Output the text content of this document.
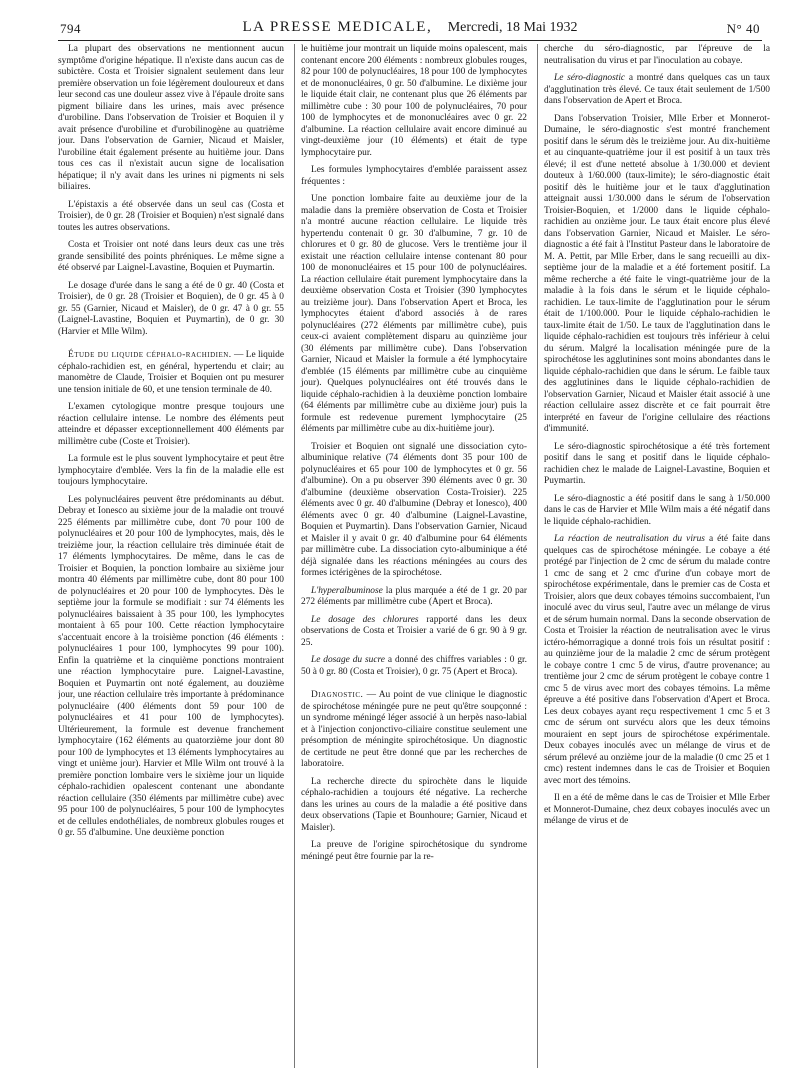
794	LA PRESSE MEDICALE, Mercredi, 18 Mai 1932	N° 40

La plupart des observations ne mentionnent aucun symptôme d'origine hépatique. Il n'existe dans aucun cas de subictère. Costa et Troisier signalent seulement dans leur première observation un foie légèrement douloureux et dans leur second cas une douleur assez vive à l'épaule droite sans pigment biliaire dans les urines, mais avec présence d'urobiline. Dans l'observation de Troisier et Boquien il y avait présence d'urobiline et d'urobilinogène au quatrième jour. Dans l'observation de Garnier, Nicaud et Maisler, l'urobiline était également présente au huitième jour. Dans tous ces cas il n'existait aucun signe de localisation hépatique; il n'y avait dans les urines ni pigments ni sels biliaires.

L'épistaxis a été observée dans un seul cas (Costa et Troisier), de 0 gr. 28 (Troisier et Boquien) n'est signalé dans toutes les autres observations.

Costa et Troisier ont noté dans leurs deux cas une très grande sensibilité des points phréniques. Le même signe a été observé par Laignel-Lavastine, Boquien et Puymartin.

Le dosage d'urée dans le sang a été de 0 gr. 40 (Costa et Troisier), de 0 gr. 28 (Troisier et Boquien), de 0 gr. 45 à 0 gr. 55 (Garnier, Nicaud et Maisler), de 0 gr. 47 à 0 gr. 55 (Laignel-Lavastine, Boquien et Puymartin), de 0 gr. 30 (Harvier et Mlle Wilm).

Étude du liquide céphalo-rachidien. — Le liquide céphalo-rachidien est, en général, hypertendu et clair; au manomètre de Claude, Troisier et Boquien ont pu mesurer une tension initiale de 60, et une tension terminale de 40.

L'examen cytologique montre presque toujours une réaction cellulaire intense. Le nombre des éléments peut atteindre et dépasser exceptionnellement 400 éléments par millimètre cube (Coste et Troisier).

La formule est le plus souvent lymphocytaire et peut être lymphocytaire d'emblée. Vers la fin de la maladie elle est toujours lymphocytaire.

Les polynucléaires peuvent être prédominants au début. Debray et Ionesco au sixième jour de la maladie ont trouvé 225 éléments par millimètre cube, dont 70 pour 100 de polynucléaires et 20 pour 100 de lymphocytes, mais, dès le treizième jour, la réaction cellulaire très diminuée était de 17 éléments lymphocytaires. De même, dans le cas de Troisier et Boquien, la ponction lombaire au sixième jour montra 40 éléments par millimètre cube, dont 80 pour 100 de polynucléaires et 20 pour 100 de lymphocytes. Dès le septième jour la formule se modifiait : sur 74 éléments les polynucléaires baissaient à 35 pour 100, les lymphocytes montaient à 65 pour 100. Cette réaction lymphocytaire s'accentuait encore à la troisième ponction (46 éléments : polynucléaires 1 pour 100, lymphocytes 99 pour 100). Enfin la quatrième et la cinquième ponctions montraient une réaction lymphocytaire pure. Laignel-Lavastine, Boquien et Puymartin ont noté également, au douzième jour, une réaction cellulaire très importante à prédominance polynucléaire (400 éléments dont 59 pour 100 de polynucléaires et 41 pour 100 de lymphocytes). Ultérieurement, la formule est devenue franchement lymphocytaire (162 éléments au quatorzième jour dont 80 pour 100 de lymphocytes et 13 éléments lymphocytaires au vingt et unième jour). Harvier et Mlle Wilm ont trouvé à la première ponction lombaire vers le sixième jour un liquide céphalo-rachidien opalescent contenant une abondante réaction cellulaire (350 éléments par millimètre cube) avec 95 pour 100 de polynucléaires, 5 pour 100 de lymphocytes et de cellules endothéliales, de nombreux globules rouges et 0 gr. 55 d'albumine. Une deuxième ponction

le huitième jour montrait un liquide moins opalescent, mais contenant encore 200 éléments : nombreux globules rouges, 82 pour 100 de polynucléaires, 18 pour 100 de lymphocytes et de mononucléaires, 0 gr. 50 d'albumine. Le dixième jour le liquide était clair, ne contenant plus que 26 éléments par millimètre cube : 30 pour 100 de polynucléaires, 70 pour 100 de lymphocytes et de mononucléaires avec 0 gr. 22 d'albumine. La réaction cellulaire avait encore diminué au vingt-deuxième jour (10 éléments) et était de type lymphocytaire pur.

Les formules lymphocytaires d'emblée paraissent assez fréquentes :

Une ponction lombaire faite au deuxième jour de la maladie dans la première observation de Costa et Troisier n'a montré aucune réaction cellulaire. Le liquide très hypertendu contenait 0 gr. 30 d'albumine, 7 gr. 10 de chlorures et 0 gr. 80 de glucose. Vers le trentième jour il existait une réaction cellulaire intense contenant 80 pour 100 de mononucléaires et 15 pour 100 de polynucléaires. La réaction cellulaire était purement lymphocytaire dans la deuxième observation Costa et Troisier (390 lymphocytes au treizième jour). Dans l'observation Apert et Broca, les lymphocytes étaient d'abord associés à de rares polynucléaires (272 éléments par millimètre cube), puis ceux-ci avaient complètement disparu au quinzième jour (30 éléments par millimètre cube). Dans l'observation Garnier, Nicaud et Maisler la formule a été lymphocytaire d'emblée (15 éléments par millimètre cube au cinquième jour). Quelques polynucléaires ont été trouvés dans le liquide céphalo-rachidien à la deuxième ponction lombaire (64 éléments par millimètre cube au dixième jour) puis la formule est redevenue purement lymphocytaire (25 éléments par millimètre cube au dix-huitième jour).

Troisier et Boquien ont signalé une dissociation cyto-albuminique relative (74 éléments dont 35 pour 100 de polynucléaires et 65 pour 100 de lymphocytes et 0 gr. 56 d'albumine). On a pu observer 390 éléments avec 0 gr. 30 d'albumine (deuxième observation Costa-Troisier). 225 éléments avec 0 gr. 40 d'albumine (Debray et Ionesco), 400 éléments avec 0 gr. 40 d'albumine (Laignel-Lavastine, Boquien et Puymartin). Dans l'observation Garnier, Nicaud et Maisler il y avait 0 gr. 40 d'albumine pour 64 éléments par millimètre cube. La dissociation cyto-albuminique a été déjà signalée dans les réactions méningées au cours des formes ictérigènes de la spirochétose.

L'hyperalbuminose la plus marquée a été de 1 gr. 20 par 272 éléments par millimètre cube (Apert et Broca).

Le dosage des chlorures rapporté dans les deux observations de Costa et Troisier a varié de 6 gr. 90 à 9 gr. 25.

Le dosage du sucre a donné des chiffres variables : 0 gr. 50 à 0 gr. 80 (Costa et Troisier), 0 gr. 75 (Apert et Broca).

Diagnostic. — Au point de vue clinique le diagnostic de spirochétose méningée pure ne peut qu'être soupçonné : un syndrome méningé léger associé à un herpès naso-labial et à l'injection conjonctivo-ciliaire constitue seulement une présomption de méningite spirochétosique. Un diagnostic de certitude ne peut être donné que par les recherches de laboratoire.

La recherche directe du spirochète dans le liquide céphalo-rachidien a toujours été négative. La recherche dans les urines au cours de la maladie a été positive dans deux observations (Tapie et Bounhoure; Garnier, Nicaud et Maisler).

La preuve de l'origine spirochétosique du syndrome méningé peut être fournie par la re-

cherche du séro-diagnostic, par l'épreuve de la neutralisation du virus et par l'inoculation au cobaye.

Le séro-diagnostic a montré dans quelques cas un taux d'agglutination très élevé. Ce taux était seulement de 1/500 dans l'observation de Apert et Broca.

Dans l'observation Troisier, Mlle Erber et Monnerot-Dumaine, le séro-diagnostic s'est montré franchement positif dans le sérum dès le treizième jour. Au dix-huitième et au cinquante-quatrième jour il est positif à un taux très élevé; il est d'une netteté absolue à 1/30.000 et devient douteux à 1/60.000 (taux-limite); le séro-diagnostic était positif dès le huitième jour et le taux d'agglutination atteignait aussi 1/30.000 dans le sérum de l'observation Troisier-Boquien, et 1/2000 dans le liquide céphalo-rachidien au onzième jour. Le taux était encore plus élevé dans l'observation Garnier, Nicaud et Maisler. Le séro-diagnostic a été fait à l'Institut Pasteur dans le laboratoire de M. A. Pettit, par Mlle Erber, dans le sang recueilli au dix-septième jour de la maladie et a été fortement positif. La même recherche a été faite le vingt-quatrième jour de la maladie à la fois dans le sérum et le liquide céphalo-rachidien. Le taux-limite de l'agglutination pour le sérum était de 1/100.000. Pour le liquide céphalo-rachidien le taux-limite était de 1/50. Le taux de l'agglutination dans le liquide céphalo-rachidien est toujours très inférieur à celui du sérum. Malgré la localisation méningée pure de la spirochétose les agglutinines sont moins abondantes dans le liquide céphalo-rachidien que dans le sérum. Le faible taux des agglutinines dans le liquide céphalo-rachidien de l'observation Garnier, Nicaud et Maisler était associé à une réaction cellulaire assez discrète et ce fait pourrait être interprété en faveur de l'origine cellulaire des réactions d'immunité.

Le séro-diagnostic spirochétosique a été très fortement positif dans le sang et positif dans le liquide céphalo-rachidien chez le malade de Laignel-Lavastine, Boquien et Puymartin.

Le séro-diagnostic a été positif dans le sang à 1/50.000 dans le cas de Harvier et Mlle Wilm mais a été négatif dans le liquide céphalo-rachidien.

La réaction de neutralisation du virus a été faite dans quelques cas de spirochétose méningée. Le cobaye a été protégé par l'injection de 2 cmc de sérum du malade contre 1 cmc de sang et 2 cmc d'urine d'un cobaye mort de spirochétose expérimentale, dans le premier cas de Costa et Troisier, alors que deux cobayes témoins succombaient, l'un inoculé avec du virus seul, l'autre avec un mélange de virus et de sérum humain normal. Dans la seconde observation de Costa et Troisier la réaction de neutralisation avec le virus ictéro-hémorragique a donné trois fois un résultat positif : au quinzième jour de la maladie 2 cmc de sérum protègent le cobaye contre 1 cmc 5 de virus, d'autre provenance; au trentième jour 2 cmc de sérum protègent le cobaye contre 1 cmc 5 de virus avec mort des cobayes témoins. La même épreuve a été positive dans l'observation d'Apert et Broca. Les deux cobayes ayant reçu respectivement 1 cmc 5 et 3 cmc de sérum ont survécu alors que les deux témoins mouraient en sept jours de spirochétose expérimentale. Deux cobayes inoculés avec un mélange de virus et de sérum prélevé au onzième jour de la maladie (0 cmc 25 et 1 cmc) restent indemnes dans le cas de Troisier et Boquien avec mort des témoins.

Il en a été de même dans le cas de Troisier et Mlle Erber et Monnerot-Dumaine, chez deux cobayes inoculés avec un mélange de virus et de
